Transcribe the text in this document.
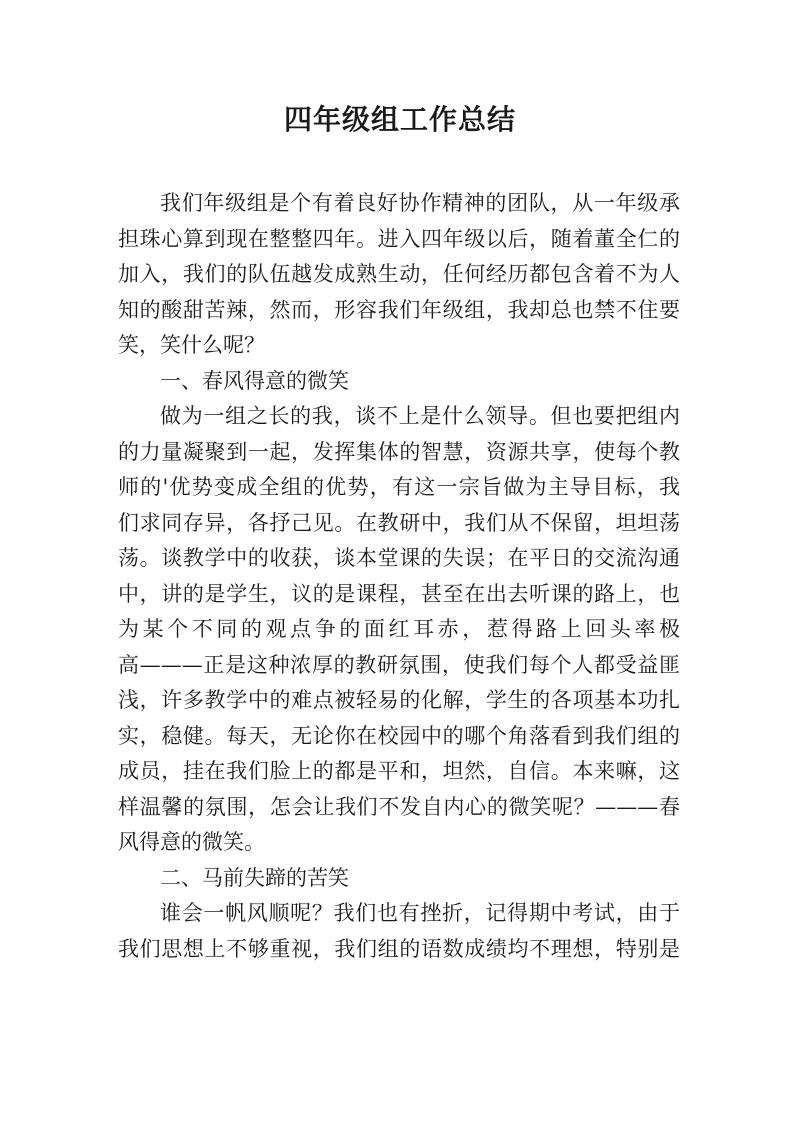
四年级组工作总结
我们年级组是个有着良好协作精神的团队，从一年级承
担珠心算到现在整整四年。进入四年级以后，随着董全仁的
加入，我们的队伍越发成熟生动，任何经历都包含着不为人
知的酸甜苦辣，然而，形容我们年级组，我却总也禁不住要
笑，笑什么呢？
一、春风得意的微笑
做为一组之长的我，谈不上是什么领导。但也要把组内
的力量凝聚到一起，发挥集体的智慧，资源共享，使每个教
师的'优势变成全组的优势，有这一宗旨做为主导目标，我
们求同存异，各抒己见。在教研中，我们从不保留，坦坦荡
荡。谈教学中的收获，谈本堂课的失误；在平日的交流沟通
中，讲的是学生，议的是课程，甚至在出去听课的路上，也
为某个不同的观点争的面红耳赤，惹得路上回头率极
高———正是这种浓厚的教研氛围，使我们每个人都受益匪
浅，许多教学中的难点被轻易的化解，学生的各项基本功扎
实，稳健。每天，无论你在校园中的哪个角落看到我们组的
成员，挂在我们脸上的都是平和，坦然，自信。本来嘛，这
样温馨的氛围，怎会让我们不发自内心的微笑呢？———春
风得意的微笑。
二、马前失蹄的苦笑
谁会一帆风顺呢？我们也有挫折，记得期中考试，由于
我们思想上不够重视，我们组的语数成绩均不理想，特别是
